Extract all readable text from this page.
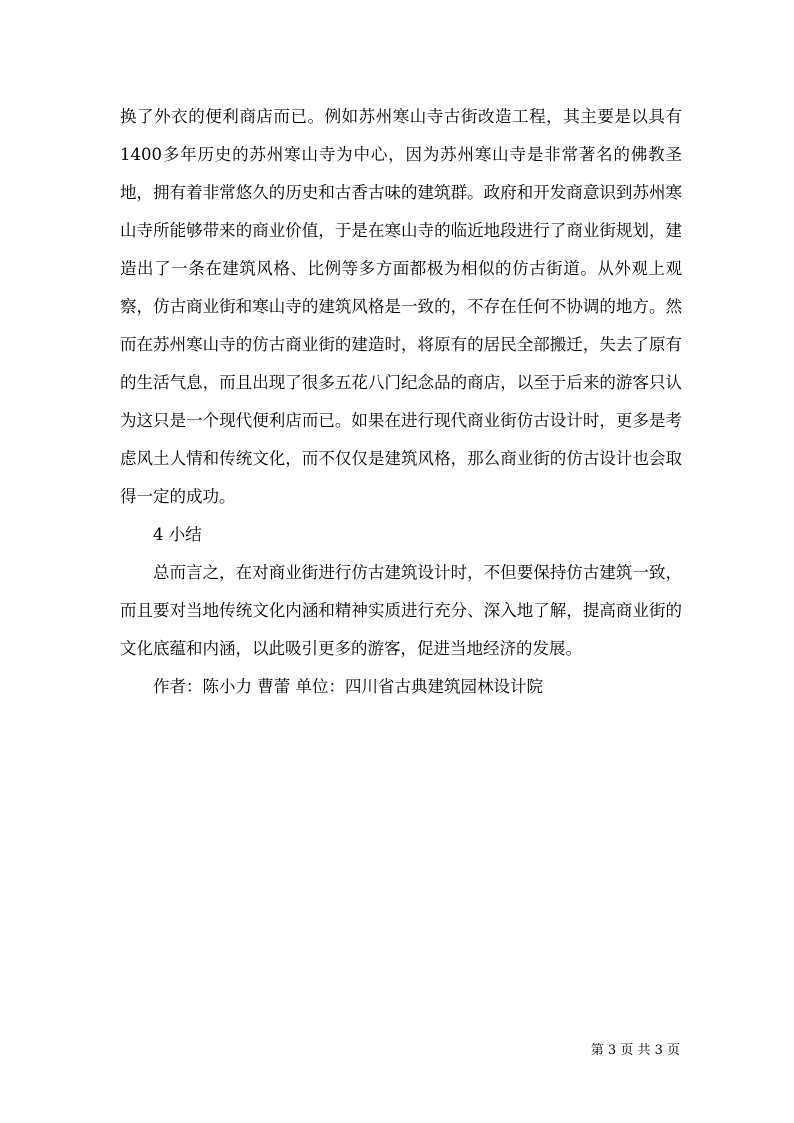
换了外衣的便利商店而已。例如苏州寒山寺古街改造工程，其主要是以具有1400多年历史的苏州寒山寺为中心，因为苏州寒山寺是非常著名的佛教圣地，拥有着非常悠久的历史和古香古味的建筑群。政府和开发商意识到苏州寒山寺所能够带来的商业价值，于是在寒山寺的临近地段进行了商业街规划，建造出了一条在建筑风格、比例等多方面都极为相似的仿古街道。从外观上观察，仿古商业街和寒山寺的建筑风格是一致的，不存在任何不协调的地方。然而在苏州寒山寺的仿古商业街的建造时，将原有的居民全部搬迁，失去了原有的生活气息，而且出现了很多五花八门纪念品的商店，以至于后来的游客只认为这只是一个现代便利店而已。如果在进行现代商业街仿古设计时，更多是考虑风土人情和传统文化，而不仅仅是建筑风格，那么商业街的仿古设计也会取得一定的成功。

4 小结

总而言之，在对商业街进行仿古建筑设计时，不但要保持仿古建筑一致，而且要对当地传统文化内涵和精神实质进行充分、深入地了解，提高商业街的文化底蕴和内涵，以此吸引更多的游客，促进当地经济的发展。

作者：陈小力 曹蕾 单位：四川省古典建筑园林设计院

第 3 页 共 3 页
